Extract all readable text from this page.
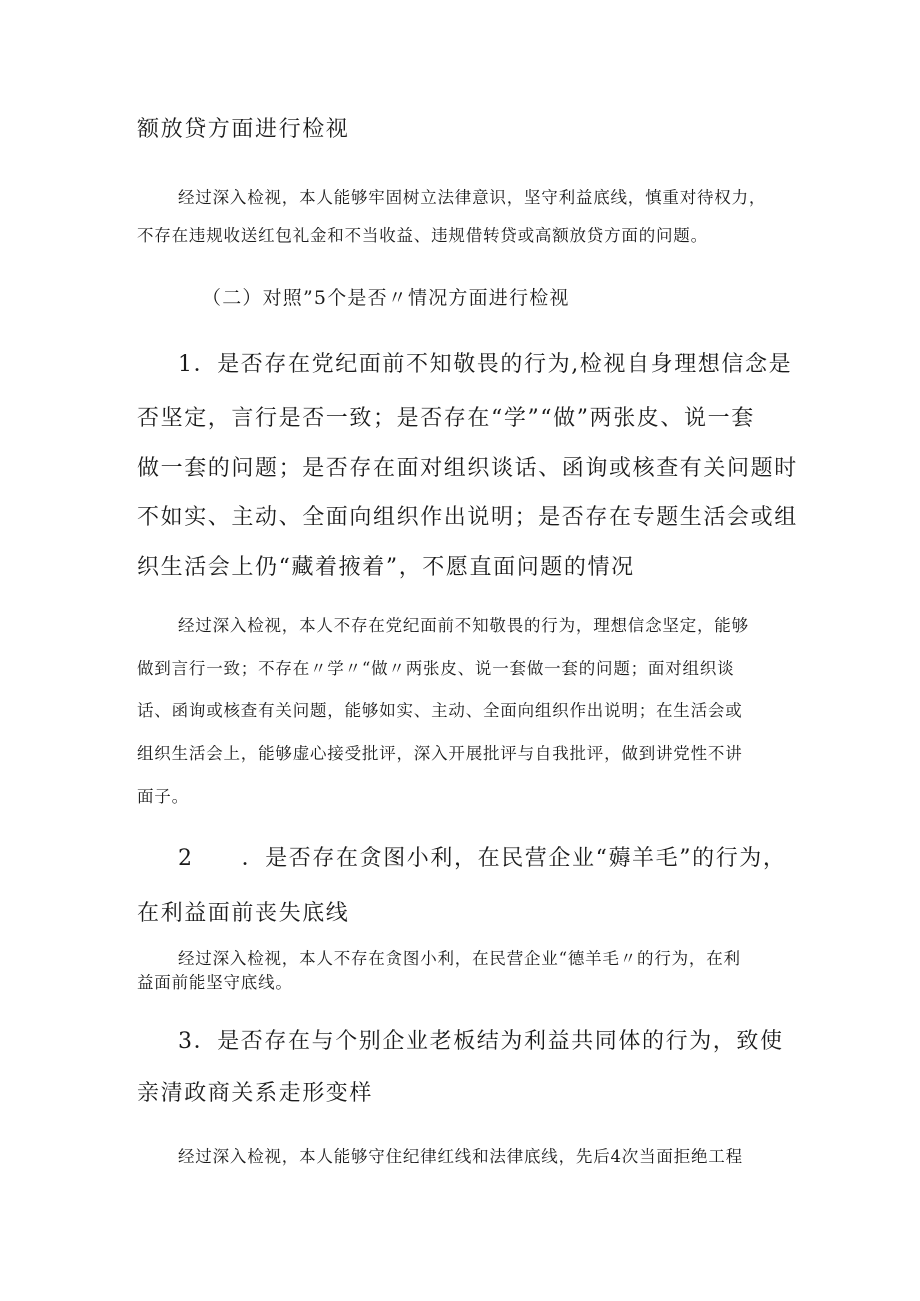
额放贷方面进行检视

经过深入检视，本人能够牢固树立法律意识，坚守利益底线，慎重对待权力，

不存在违规收送红包礼金和不当收益、违规借转贷或高额放贷方面的问题。

（二）对照”5个是否〃情况方面进行检视

1．是否存在党纪面前不知敬畏的行为,检视自身理想信念是

否坚定，言行是否一致；是否存在“学”“做”两张皮、说一套

做一套的问题；是否存在面对组织谈话、函询或核查有关问题时

不如实、主动、全面向组织作出说明；是否存在专题生活会或组

织生活会上仍“藏着掖着”，不愿直面问题的情况

经过深入检视，本人不存在党纪面前不知敬畏的行为，理想信念坚定，能够

做到言行一致；不存在〃学〃“做〃两张皮、说一套做一套的问题；面对组织谈

话、函询或核查有关问题，能够如实、主动、全面向组织作出说明；在生活会或

组织生活会上，能够虚心接受批评，深入开展批评与自我批评，做到讲党性不讲

面子。

2 ．是否存在贪图小利，在民营企业“薅羊毛”的行为，

在利益面前丧失底线

经过深入检视，本人不存在贪图小利，在民营企业“德羊毛〃的行为，在利

益面前能坚守底线。

3．是否存在与个别企业老板结为利益共同体的行为，致使

亲清政商关系走形变样

经过深入检视，本人能够守住纪律红线和法律底线，先后4次当面拒绝工程
